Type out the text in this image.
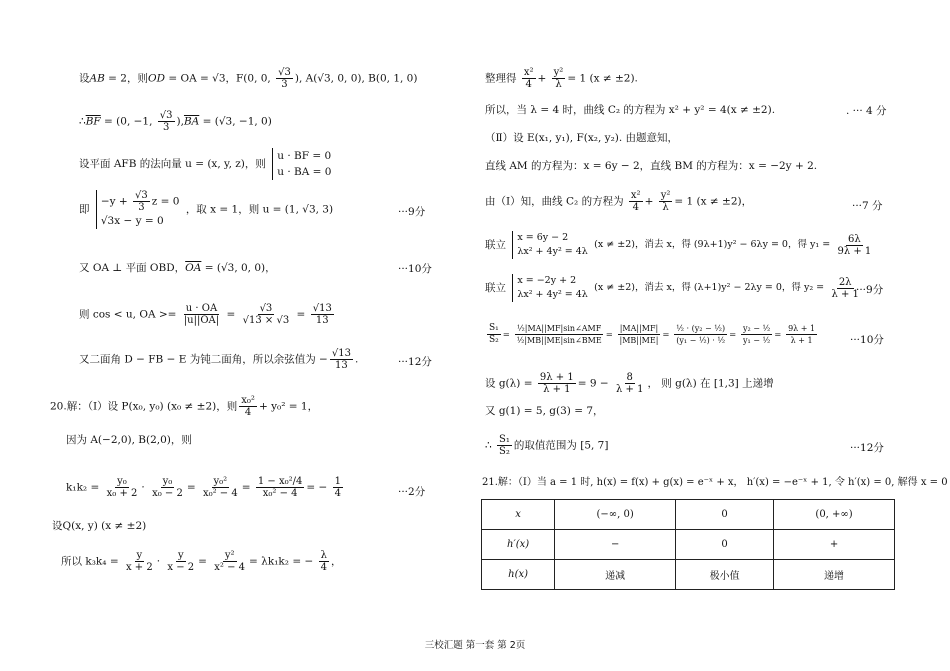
设AB = 2，则OD = OA = √3，F(0, 0, $\frac{√3}{3}$ ), A(√3, 0, 0), B(0, 1, 0)
$\therefore\overline{BF} = (0$, −1, $\frac{√3}{3} ),\overline{BA} = (√3$, −1, 0)
设平面 AFB 的法向量 u = (x, y, z)，则
u · BF = 0
u · BA = 0
即
$-y + \frac{√3}{3}$ z = 0
√3x − y = 0
，取 x = 1，则 u = (1, √3, 3)	···9分
又 OA ⊥ 平面 OBD，$\overline{OA} = (√3$, 0, 0)，	···10分
则 cos < u, OA >= $\frac{u \cdot OA}{|u||OA|} = \frac{√3}{√13 \times √3} = \frac{√13}{13}$
又二面角 D − FB − E 为钝二面角，所以余弦值为 − $\frac{√13}{13}$ .	···12分
20.解：（Ⅰ）设 P(x₀, y₀) (x₀ ≠ ±2)，则 $\frac{\text{x₀²}}{4} + y_0^2 = 1$，
因为 A(−2,0), B(2,0)，则
$k_1k_2 = \frac{\text{y₀}}{\text{x₀ + 2}} \cdot \frac{\text{y₀}}{\text{x₀ − 2}} = \frac{\text{y₀²}}{\text{x₀² − 4}} = \frac{\text{1 − x₀²/4}}{\text{x₀² − 4}}$ = − $\frac{1}{4}$	···2分
设Q(x, y) (x ≠ ±2)
所以 $k_3k_4 = \frac{y}{x + 2} \cdot \frac{y}{x - 2} = \frac{\text{y²}}{\text{x² − 4}} = \lambda k_1k_2$ = − $\frac{\lambda}{4}$ ，
整理得 $\frac{\text{x²}}{4} + \frac{\text{y²}}{\lambda} = 1$ (x ≠ ±2).
所以，当 λ = 4 时，曲线 C₂ 的方程为 x² + y² = 4(x ≠ ±2).	. ··· 4 分
（Ⅱ）设 E(x₁, y₁), F(x₂, y₂). 由题意知，
直线 AM 的方程为：x = 6y − 2，直线 BM 的方程为：x = −2y + 2.
由（Ⅰ）知，曲线 C₂ 的方程为 $\frac{\text{x²}}{4} + \frac{\text{y²}}{\lambda} = 1$ (x ≠ ±2)，	···7 分
联立
x = 6y − 2
λx² + 4y² = 4λ
(x ≠ ±2)，消去 x，得 (9λ+1)y² − 6λy = 0，得 $y_1 = \frac{6\lambda}{9\lambda + 1}$
联立
x = −2y + 2
λx² + 4y² = 4λ
(x ≠ ±2)，消去 x，得 (λ+1)y² − 2λy = 0，得 $y_2 = \frac{2\lambda}{\lambda + 1}$
···9分
$\frac{\text{S₁}}{\text{S₂}} = \frac{\text{½|MA||MF|sin∠AMF}}{\text{½|MB||ME|sin∠BME}} = \frac{|MA||MF|}{|MB||ME|} = \frac{\text{½ · (y₂ − ½)}}{\text{(y₁ − ½) · ½}} = \frac{\text{y₂ − ½}}{\text{y₁ − ½}} = \frac{9\lambda + 1}{\lambda + 1}$	···10分
设 $g(\lambda) = \frac{9\lambda + 1}{\lambda + 1} = 9 - \frac{8}{\lambda + 1}$ ， 则 g(λ) 在 [1,3] 上递增
又 g(1) = 5, g(3) = 7，
∴ $\frac{\text{S₁}}{\text{S₂}}$ 的取值范围为 [5, 7]	···12分
21.解：（Ⅰ）当 a = 1 时, h(x) = f(x) + g(x) = e⁻ˣ + x， h′(x) = −e⁻ˣ + 1, 令 h′(x) = 0, 解得 x = 0
x	(−∞, 0)	0	(0, +∞)
h′(x)	−	0	+
h(x)	递减	极小值	递增
三校汇题 第一套 第 2页
